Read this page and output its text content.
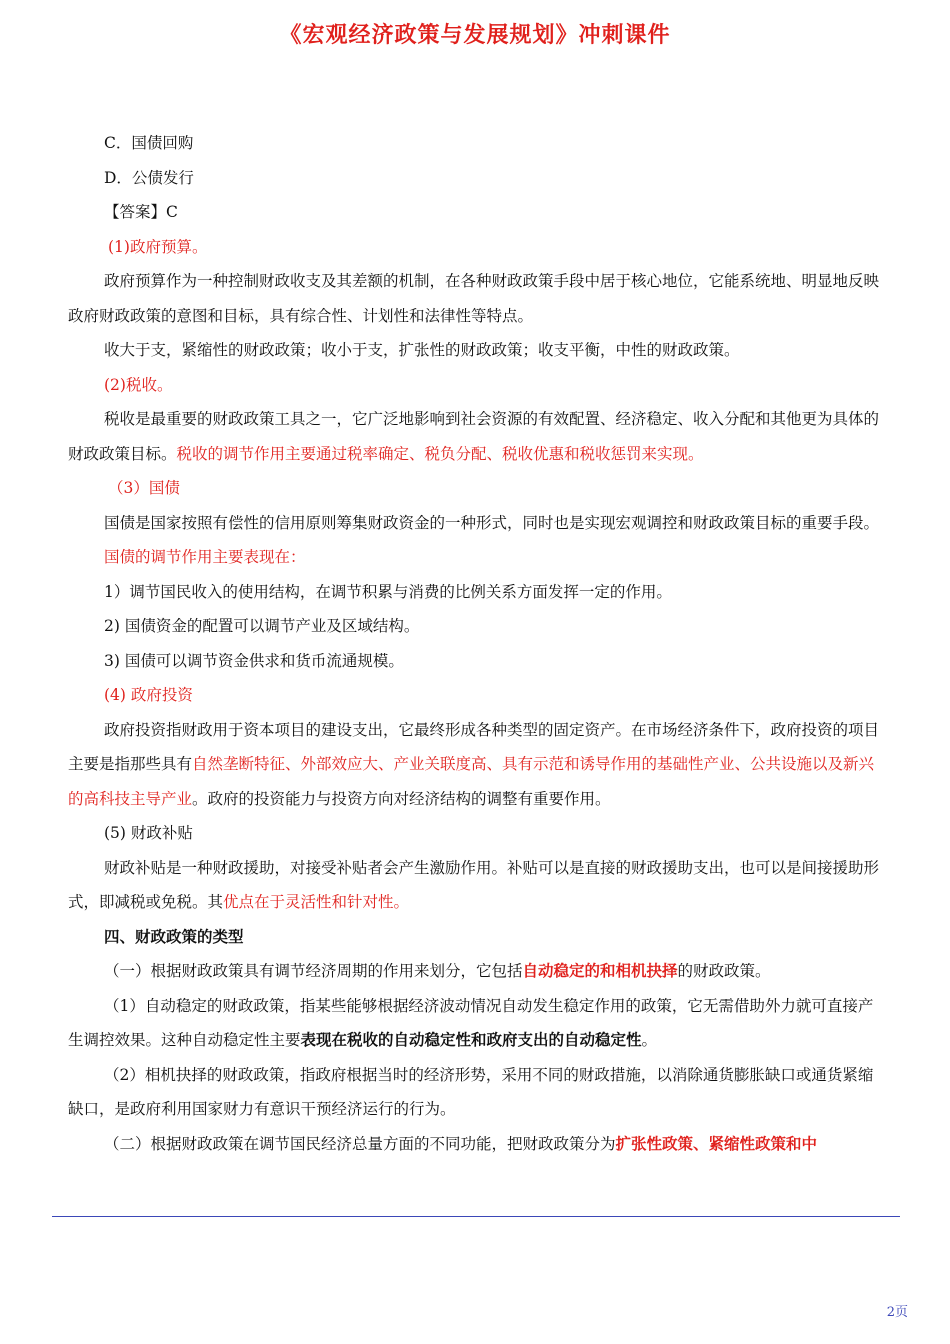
《宏观经济政策与发展规划》冲刺课件

C．国债回购

D．公债发行

【答案】C

(1)政府预算。

政府预算作为一种控制财政收支及其差额的机制，在各种财政政策手段中居于核心地位，它能系统地、明显地反映政府财政政策的意图和目标，具有综合性、计划性和法律性等特点。

收大于支，紧缩性的财政政策；收小于支，扩张性的财政政策；收支平衡，中性的财政政策。

(2)税收。

税收是最重要的财政政策工具之一，它广泛地影响到社会资源的有效配置、经济稳定、收入分配和其他更为具体的财政政策目标。税收的调节作用主要通过税率确定、税负分配、税收优惠和税收惩罚来实现。

（3）国债

国债是国家按照有偿性的信用原则筹集财政资金的一种形式，同时也是实现宏观调控和财政政策目标的重要手段。

国债的调节作用主要表现在：

1）调节国民收入的使用结构，在调节积累与消费的比例关系方面发挥一定的作用。

2) 国债资金的配置可以调节产业及区域结构。

3) 国债可以调节资金供求和货币流通规模。

(4) 政府投资

政府投资指财政用于资本项目的建设支出，它最终形成各种类型的固定资产。在市场经济条件下，政府投资的项目主要是指那些具有自然垄断特征、外部效应大、产业关联度高、具有示范和诱导作用的基础性产业、公共设施以及新兴的高科技主导产业。政府的投资能力与投资方向对经济结构的调整有重要作用。

(5) 财政补贴

财政补贴是一种财政援助，对接受补贴者会产生激励作用。补贴可以是直接的财政援助支出，也可以是间接援助形式，即减税或免税。其优点在于灵活性和针对性。

四、财政政策的类型

（一）根据财政政策具有调节经济周期的作用来划分，它包括自动稳定的和相机抉择的财政政策。

（1）自动稳定的财政政策，指某些能够根据经济波动情况自动发生稳定作用的政策，它无需借助外力就可直接产生调控效果。这种自动稳定性主要表现在税收的自动稳定性和政府支出的自动稳定性。

（2）相机抉择的财政政策，指政府根据当时的经济形势，采用不同的财政措施，以消除通货膨胀缺口或通货紧缩缺口，是政府利用国家财力有意识干预经济运行的行为。

（二）根据财政政策在调节国民经济总量方面的不同功能，把财政政策分为扩张性政策、紧缩性政策和中

2页
